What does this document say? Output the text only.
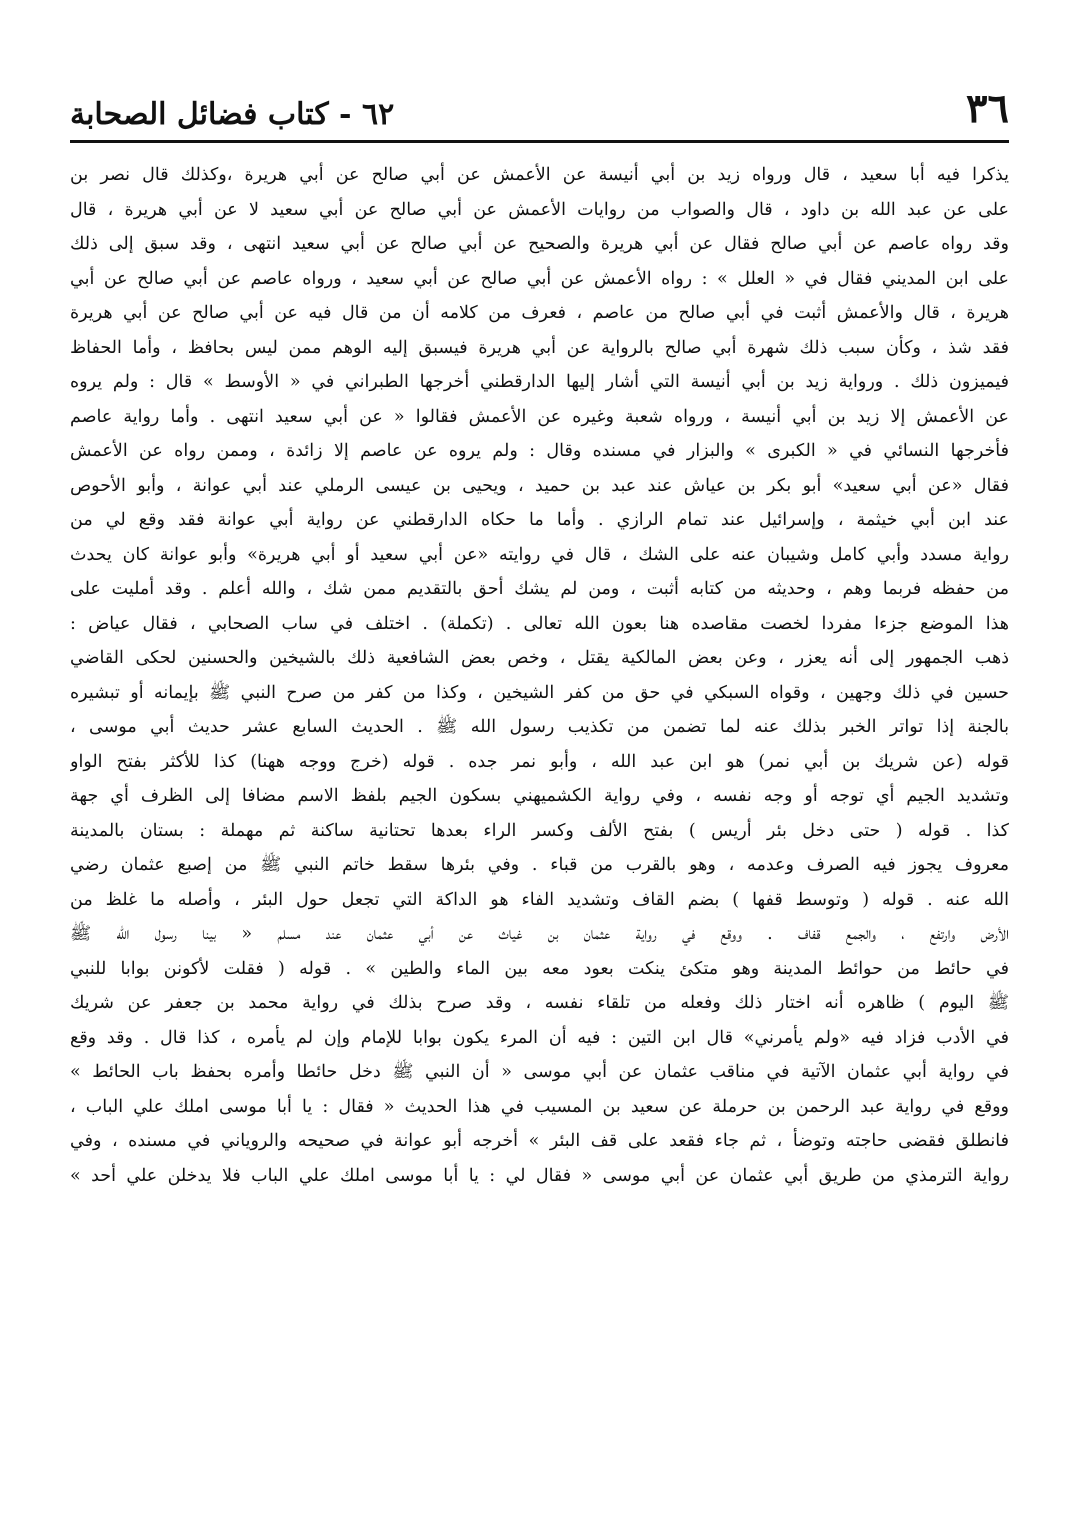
٦٢ - كتاب فضائل الصحابة	٣٦
يذكرا فيه أبا سعيد ، قال ورواه زيد بن أبي أنيسة عن الأعمش عن أبي صالح عن أبي هريرة ،وكذلك قال نصر بن
على عن عبد الله بن داود ، قال والصواب من روايات الأعمش عن أبي صالح عن أبي سعيد لا عن أبي هريرة ، قال
وقد رواه عاصم عن أبي صالح فقال عن أبي هريرة والصحيح عن أبي صالح عن أبي سعيد انتهى ، وقد سبق إلى ذلك
على ابن المديني فقال في « العلل » : رواه الأعمش عن أبي صالح عن أبي سعيد ، ورواه عاصم عن أبي صالح عن أبي
هريرة ، قال والأعمش أثبت في أبي صالح من عاصم ، فعرف من كلامه أن من قال فيه عن أبي صالح عن أبي هريرة
فقد شذ ، وكأن سبب ذلك شهرة أبي صالح بالرواية عن أبي هريرة فيسبق إليه الوهم ممن ليس بحافظ ، وأما الحفاظ
فيميزون ذلك . ورواية زيد بن أبي أنيسة التي أشار إليها الدارقطني أخرجها الطبراني في « الأوسط » قال : ولم يروه
عن الأعمش إلا زيد بن أبي أنيسة ، ورواه شعبة وغيره عن الأعمش فقالوا « عن أبي سعيد انتهى . وأما رواية عاصم
فأخرجها النسائي في « الكبرى » والبزار في مسنده وقال : ولم يروه عن عاصم إلا زائدة ، وممن رواه عن الأعمش
فقال «عن أبي سعيد» أبو بكر بن عياش عند عبد بن حميد ، ويحيى بن عيسى الرملي عند أبي عوانة ، وأبو الأحوص
عند ابن أبي خيثمة ، وإسرائيل عند تمام الرازي . وأما ما حكاه الدارقطني عن رواية أبي عوانة فقد وقع لي من
رواية مسدد وأبي كامل وشيبان عنه على الشك ، قال في روايته «عن أبي سعيد أو أبي هريرة» وأبو عوانة كان يحدث
من حفظه فربما وهم ، وحديثه من كتابه أثبت ، ومن لم يشك أحق بالتقديم ممن شك ، والله أعلم . وقد أمليت على
هذا الموضع جزءا مفردا لخصت مقاصده هنا بعون الله تعالى . (تكملة) . اختلف في ساب الصحابي ، فقال عياض :
ذهب الجمهور إلى أنه يعزر ، وعن بعض المالكية يقتل ، وخص بعض الشافعية ذلك بالشيخين والحسنين لحكى القاضي
حسين في ذلك وجهين ، وقواه السبكي في حق من كفر الشيخين ، وكذا من كفر من صرح النبي ﷺ بإيمانه أو تبشيره
بالجنة إذا تواتر الخبر بذلك عنه لما تضمن من تكذيب رسول الله ﷺ . الحديث السابع عشر حديث أبي موسى ،
قوله (عن شريك بن أبي نمر) هو ابن عبد الله ، وأبو نمر جده . قوله (خرج ووجه ههنا) كذا للأكثر بفتح الواو
وتشديد الجيم أي توجه أو وجه نفسه ، وفي رواية الكشميهني بسكون الجيم بلفظ الاسم مضافا إلى الظرف أي جهة
كذا . قوله ( حتى دخل بئر أريس ) بفتح الألف وكسر الراء بعدها تحتانية ساكنة ثم مهملة : بستان بالمدينة
معروف يجوز فيه الصرف وعدمه ، وهو بالقرب من قباء . وفي بئرها سقط خاتم النبي ﷺ من إصبع عثمان رضي
الله عنه . قوله ( وتوسط قفها ) بضم القاف وتشديد الفاء هو الداكة التي تجعل حول البئر ، وأصله ما غلظ من
الأرض وارتفع ، والجمع قفاف . ووقع في رواية عثمان بن غياث عن أبي عثمان عند مسلم « بينا رسول الله ﷺ
في حائط من حوائط المدينة وهو متكئ ينكت بعود معه بين الماء والطين » . قوله ( فقلت لأكونن بوابا للنبي
ﷺ اليوم ) ظاهره أنه اختار ذلك وفعله من تلقاء نفسه ، وقد صرح بذلك في رواية محمد بن جعفر عن شريك
في الأدب فزاد فيه «ولم يأمرني» قال ابن التين : فيه أن المرء يكون بوابا للإمام وإن لم يأمره ، كذا قال . وقد وقع
في رواية أبي عثمان الآتية في مناقب عثمان عن أبي موسى « أن النبي ﷺ دخل حائطا وأمره بحفظ باب الحائط »
ووقع في رواية عبد الرحمن بن حرملة عن سعيد بن المسيب في هذا الحديث « فقال : يا أبا موسى املك علي الباب ،
فانطلق فقضى حاجته وتوضأ ، ثم جاء فقعد على قف البئر » أخرجه أبو عوانة في صحيحه والروياني في مسنده ، وفي
رواية الترمذي من طريق أبي عثمان عن أبي موسى « فقال لي : يا أبا موسى املك علي الباب فلا يدخلن علي أحد »
